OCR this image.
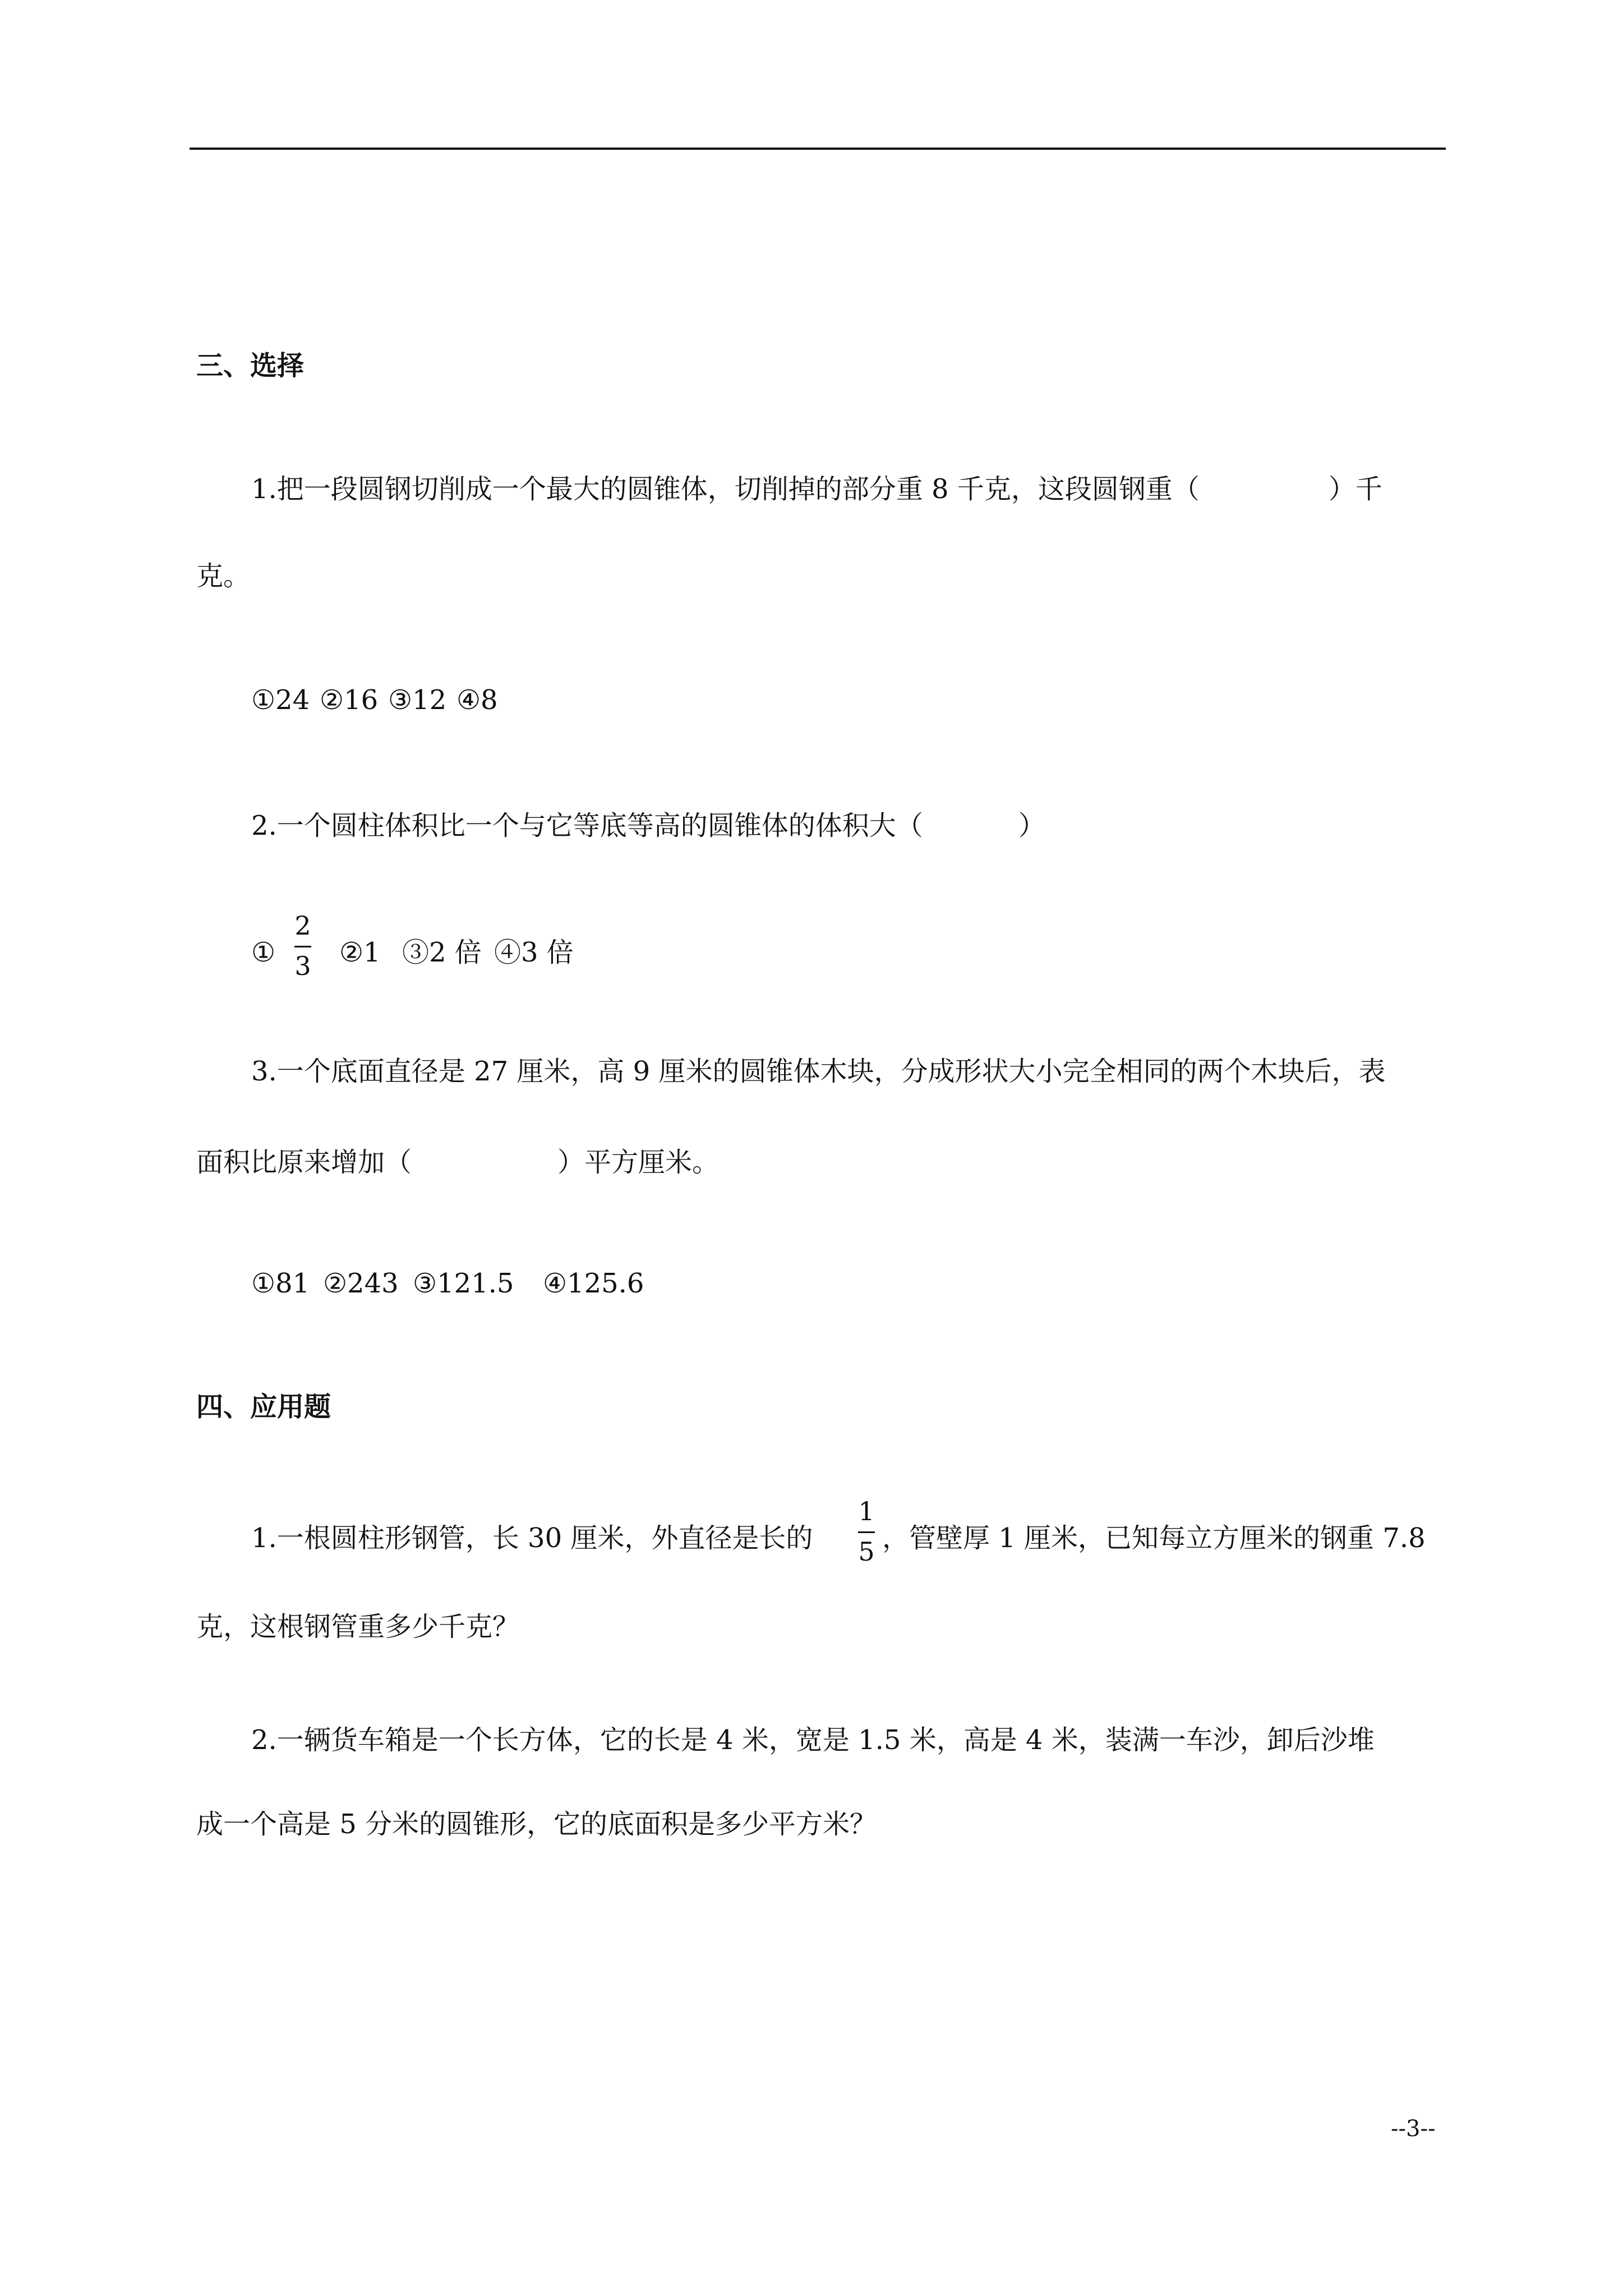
三、选择
1.把一段圆钢切削成一个最大的圆锥体，切削掉的部分重 8 千克，这段圆钢重（	）千
克。
①24 ②16 ③12 ④8
2.一个圆柱体积比一个与它等底等高的圆锥体的体积大（	）
①
2
3 ②1 ③2 倍 ④3 倍
3.一个底面直径是 27 厘米，高 9 厘米的圆锥体木块，分成形状大小完全相同的两个木块后，表
面积比原来增加（	）平方厘米。
①81 ②243 ③121.5 ④125.6
四、应用题
1.一根圆柱形钢管，长 30 厘米，外直径是长的
1
5 ，管壁厚 1 厘米，已知每立方厘米的钢重 7.8
克，这根钢管重多少千克？
2.一辆货车箱是一个长方体，它的长是 4 米，宽是 1.5 米，高是 4 米，装满一车沙，卸后沙堆
成一个高是 5 分米的圆锥形，它的底面积是多少平方米？
--3--
